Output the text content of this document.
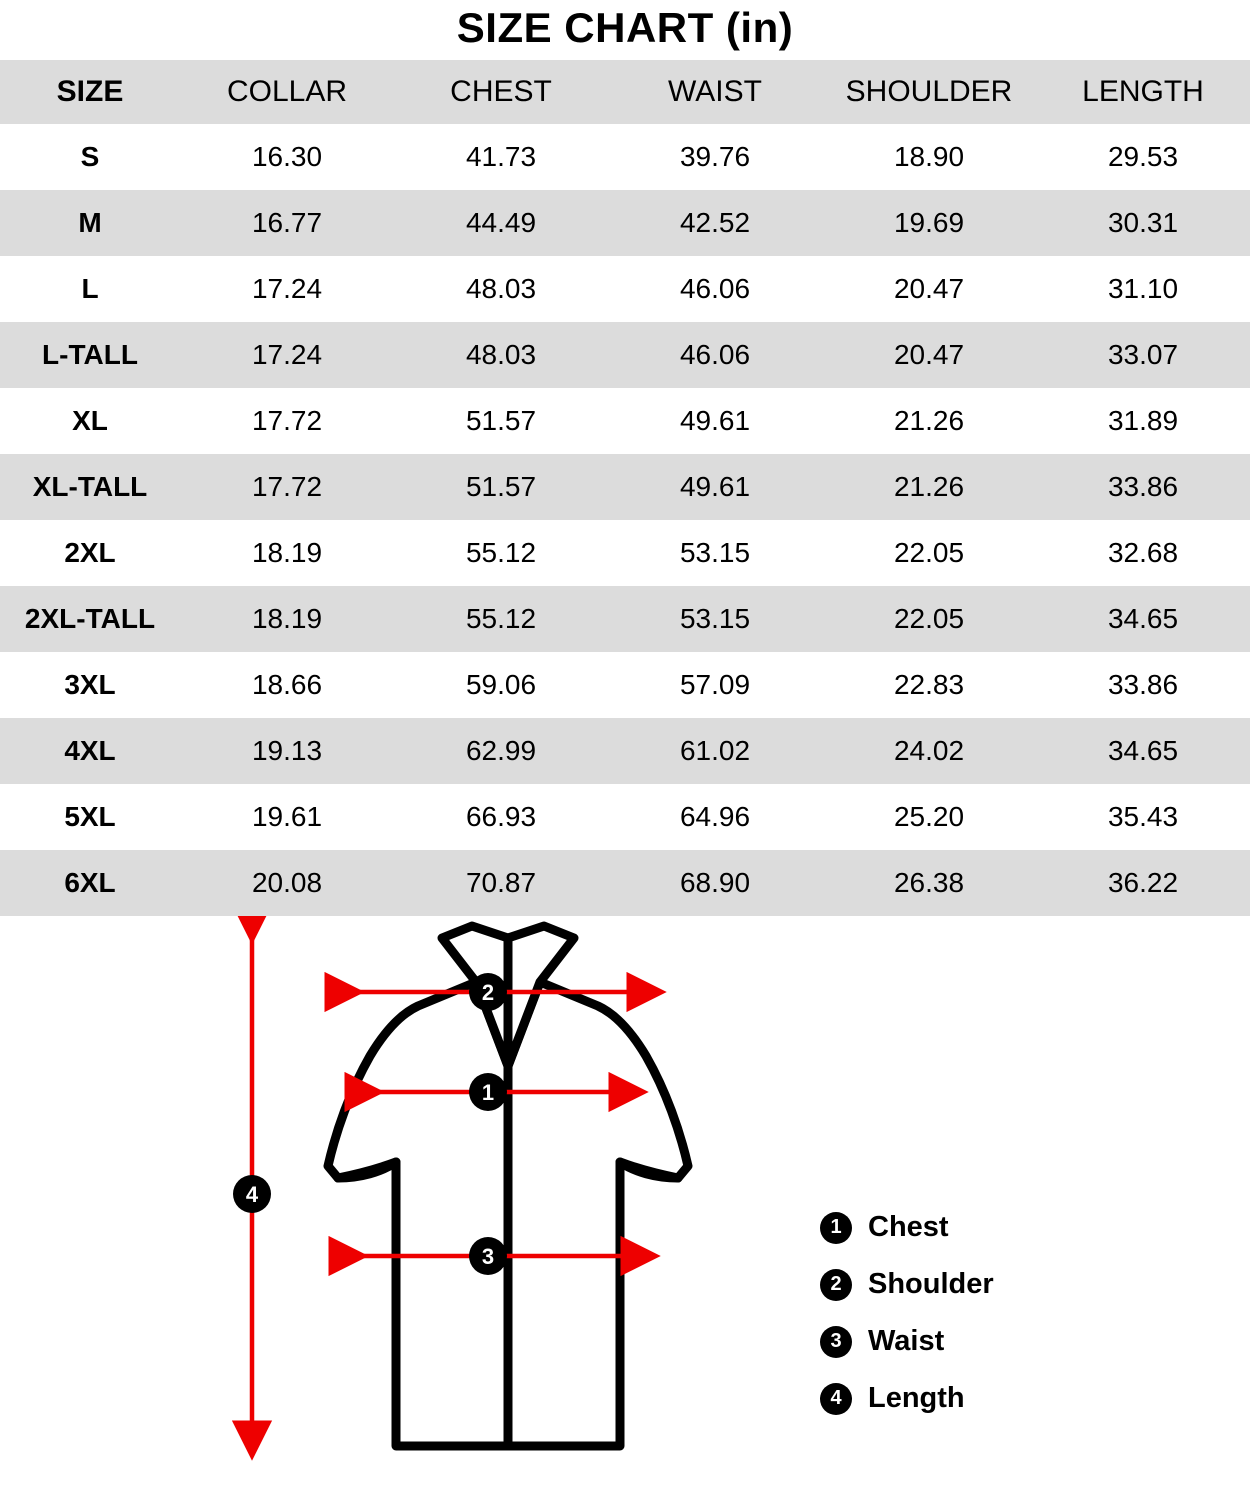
SIZE CHART (in)
SIZE	COLLAR	CHEST	WAIST	SHOULDER	LENGTH
S	16.30	41.73	39.76	18.90	29.53
M	16.77	44.49	42.52	19.69	30.31
L	17.24	48.03	46.06	20.47	31.10
L-TALL	17.24	48.03	46.06	20.47	33.07
XL	17.72	51.57	49.61	21.26	31.89
XL-TALL	17.72	51.57	49.61	21.26	33.86
2XL	18.19	55.12	53.15	22.05	32.68
2XL-TALL	18.19	55.12	53.15	22.05	34.65
3XL	18.66	59.06	57.09	22.83	33.86
4XL	19.13	62.99	61.02	24.02	34.65
5XL	19.61	66.93	64.96	25.20	35.43
6XL	20.08	70.87	68.90	26.38	36.22
2
1
3
4
1 Chest
2 Shoulder
3 Waist
4 Length
